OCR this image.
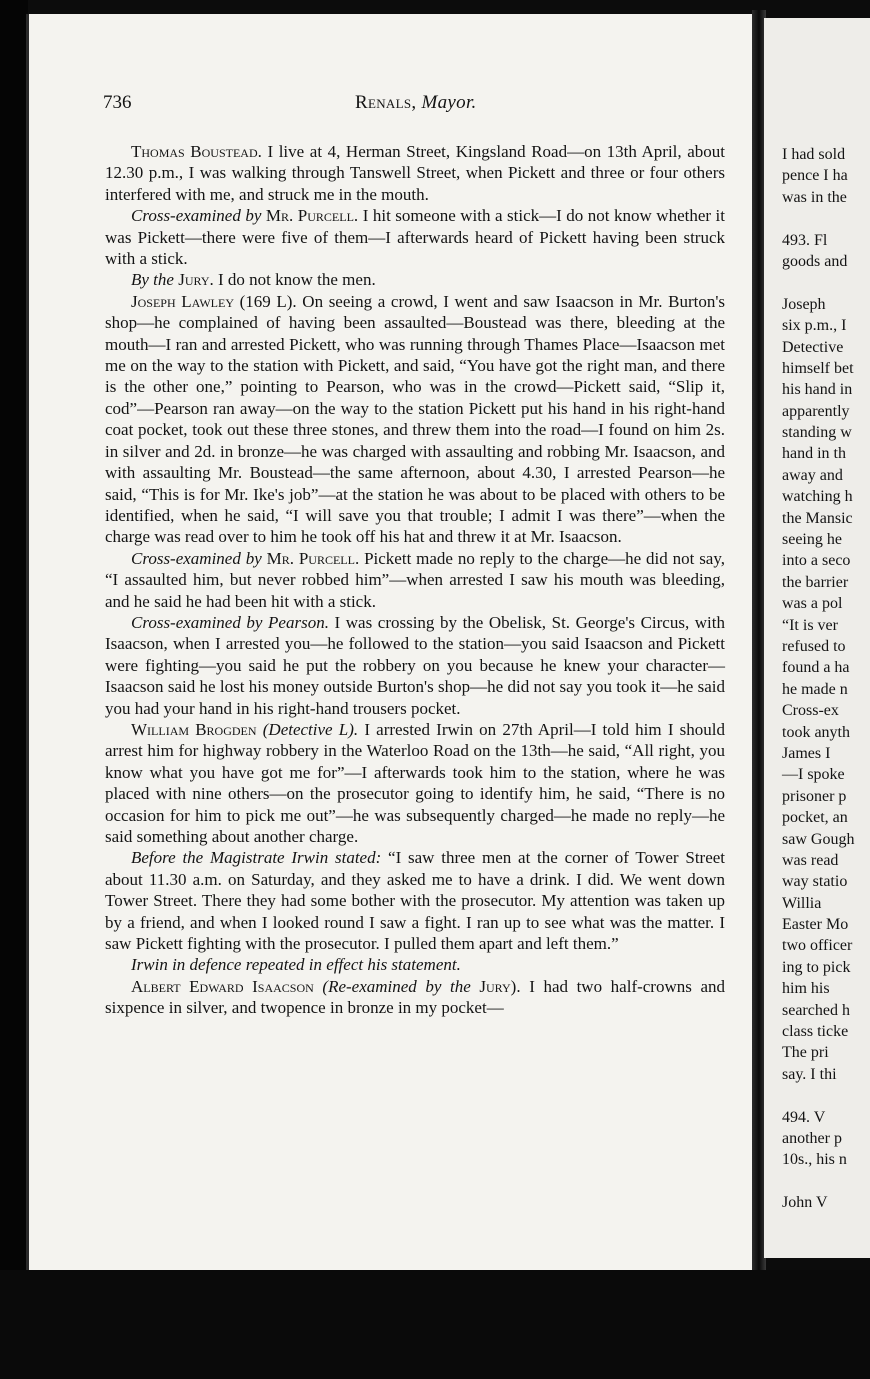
736	Renals, Mayor.

Thomas Boustead. I live at 4, Herman Street, Kingsland Road—on 13th April, about 12.30 p.m., I was walking through Tanswell Street, when Pickett and three or four others interfered with me, and struck me in the mouth.

Cross-examined by Mr. Purcell. I hit someone with a stick—I do not know whether it was Pickett—there were five of them—I afterwards heard of Pickett having been struck with a stick.

By the Jury. I do not know the men.

Joseph Lawley (169 L). On seeing a crowd, I went and saw Isaacson in Mr. Burton's shop—he complained of having been assaulted—Boustead was there, bleeding at the mouth—I ran and arrested Pickett, who was running through Thames Place—Isaacson met me on the way to the station with Pickett, and said, “You have got the right man, and there is the other one,” pointing to Pearson, who was in the crowd—Pickett said, “Slip it, cod”—Pearson ran away—on the way to the station Pickett put his hand in his right-hand coat pocket, took out these three stones, and threw them into the road—I found on him 2s. in silver and 2d. in bronze—he was charged with assaulting and robbing Mr. Isaacson, and with assaulting Mr. Boustead—the same afternoon, about 4.30, I arrested Pearson—he said, “This is for Mr. Ike's job”—at the station he was about to be placed with others to be identified, when he said, “I will save you that trouble; I admit I was there”—when the charge was read over to him he took off his hat and threw it at Mr. Isaacson.

Cross-examined by Mr. Purcell. Pickett made no reply to the charge—he did not say, “I assaulted him, but never robbed him”—when arrested I saw his mouth was bleeding, and he said he had been hit with a stick.

Cross-examined by Pearson. I was crossing by the Obelisk, St. George's Circus, with Isaacson, when I arrested you—he followed to the station—you said Isaacson and Pickett were fighting—you said he put the robbery on you because he knew your character—Isaacson said he lost his money outside Burton's shop—he did not say you took it—he said you had your hand in his right-hand trousers pocket.

William Brogden (Detective L). I arrested Irwin on 27th April—I told him I should arrest him for highway robbery in the Waterloo Road on the 13th—he said, “All right, you know what you have got me for”—I afterwards took him to the station, where he was placed with nine others—on the prosecutor going to identify him, he said, “There is no occasion for him to pick me out”—he was subsequently charged—he made no reply—he said something about another charge.

Before the Magistrate Irwin stated: “I saw three men at the corner of Tower Street about 11.30 a.m. on Saturday, and they asked me to have a drink. I did. We went down Tower Street. There they had some bother with the prosecutor. My attention was taken up by a friend, and when I looked round I saw a fight. I ran up to see what was the matter. I saw Pickett fighting with the prosecutor. I pulled them apart and left them.”

Irwin in defence repeated in effect his statement.

Albert Edward Isaacson (Re-examined by the Jury). I had two half-crowns and sixpence in silver, and twopence in bronze in my pocket—

I had sold
pence I ha
was in the
493. Fl
goods and
Joseph
six p.m., I
Detective
himself bet
his hand in
apparently
standing w
hand in th
away and
watching h
the Mansic
seeing he
into a seco
the barrier
was a pol
“It is ver
refused to
found a ha
he made n
Cross-ex
took anyth
James I
—I spoke
prisoner p
pocket, an
saw Gough
was read
way statio
Willia
Easter Mo
two officer
ing to pick
him his
searched h
class ticke
The pri
say. I thi
494. V
another p
10s., his n
John V
